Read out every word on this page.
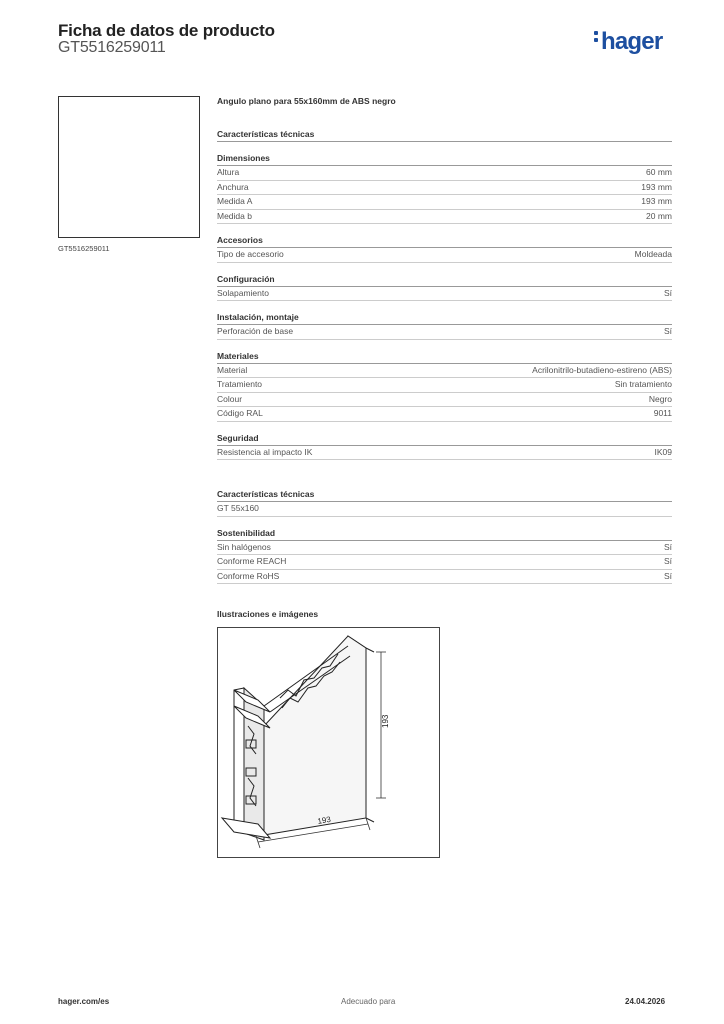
Ficha de datos de producto
GT5516259011	hager
GT5516259011
Angulo plano para 55x160mm de ABS negro
Características técnicas
Dimensiones
Altura	60 mm
Anchura	193 mm
Medida A	193 mm
Medida b	20 mm
Accesorios
Tipo de accesorio	Moldeada
Configuración
Solapamiento	Sí
Instalación, montaje
Perforación de base	Sí
Materiales
Material	Acrilonitrilo-butadieno-estireno (ABS)
Tratamiento	Sin tratamiento
Colour	Negro
Código RAL	9011
Seguridad
Resistencia al impacto IK	IK09
Características técnicas
GT 55x160
Sostenibilidad
Sin halógenos	Sí
Conforme REACH	Sí
Conforme RoHS	Sí
Ilustraciones e imágenes
193
193
hager.com/es	Adecuado para	24.04.2026
